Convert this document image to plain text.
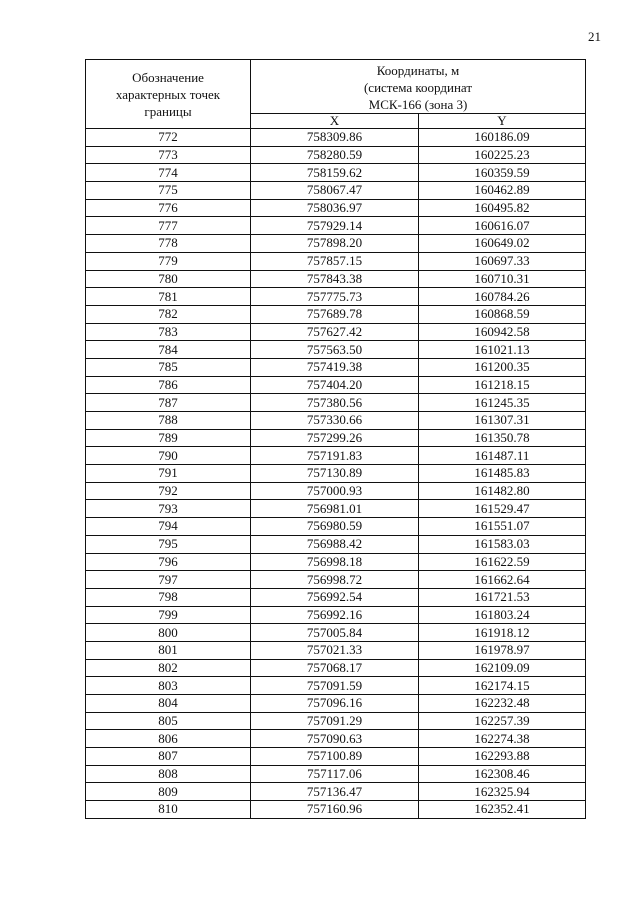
21
Обозначение характерных точек границы	Координаты, м
(система координат
МСК-166 (зона 3)	
	X	Y
772	758309.86	160186.09
773	758280.59	160225.23
774	758159.62	160359.59
775	758067.47	160462.89
776	758036.97	160495.82
777	757929.14	160616.07
778	757898.20	160649.02
779	757857.15	160697.33
780	757843.38	160710.31
781	757775.73	160784.26
782	757689.78	160868.59
783	757627.42	160942.58
784	757563.50	161021.13
785	757419.38	161200.35
786	757404.20	161218.15
787	757380.56	161245.35
788	757330.66	161307.31
789	757299.26	161350.78
790	757191.83	161487.11
791	757130.89	161485.83
792	757000.93	161482.80
793	756981.01	161529.47
794	756980.59	161551.07
795	756988.42	161583.03
796	756998.18	161622.59
797	756998.72	161662.64
798	756992.54	161721.53
799	756992.16	161803.24
800	757005.84	161918.12
801	757021.33	161978.97
802	757068.17	162109.09
803	757091.59	162174.15
804	757096.16	162232.48
805	757091.29	162257.39
806	757090.63	162274.38
807	757100.89	162293.88
808	757117.06	162308.46
809	757136.47	162325.94
810	757160.96	162352.41
